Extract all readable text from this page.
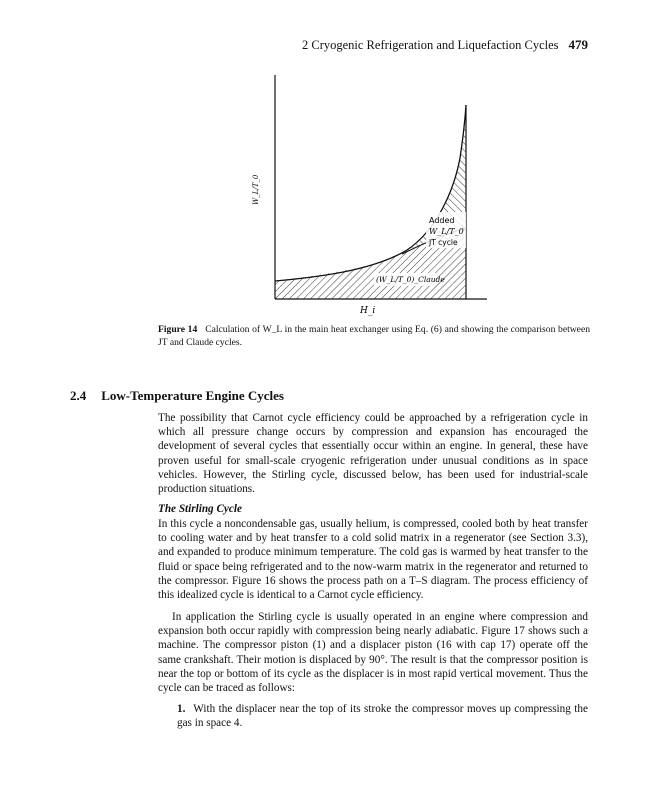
2 Cryogenic Refrigeration and Liquefaction Cycles 479
Added
W_L/T_0
JT cycle
(W_L/T_0)_Claude
W_L/T_0
H_i
Figure 14 Calculation of W_L in the main heat exchanger using Eq. (6) and showing the comparison between JT and Claude cycles.
2.4 Low-Temperature Engine Cycles
The possibility that Carnot cycle efficiency could be approached by a refrigeration cycle in which all pressure change occurs by compression and expansion has encouraged the development of several cycles that essentially occur within an engine. In general, these have proven useful for small-scale cryogenic refrigeration under unusual conditions as in space vehicles. However, the Stirling cycle, discussed below, has been used for industrial-scale production situations.
The Stirling Cycle
In this cycle a noncondensable gas, usually helium, is compressed, cooled both by heat transfer to cooling water and by heat transfer to a cold solid matrix in a regenerator (see Section 3.3), and expanded to produce minimum temperature. The cold gas is warmed by heat transfer to the fluid or space being refrigerated and to the now-warm matrix in the regenerator and returned to the compressor. Figure 16 shows the process path on a T–S diagram. The process efficiency of this idealized cycle is identical to a Carnot cycle efficiency.
In application the Stirling cycle is usually operated in an engine where compression and expansion both occur rapidly with compression being nearly adiabatic. Figure 17 shows such a machine. The compressor piston (1) and a displacer piston (16 with cap 17) operate off the same crankshaft. Their motion is displaced by 90°. The result is that the compressor position is near the top or bottom of its cycle as the displacer is in most rapid vertical movement. Thus the cycle can be traced as follows:
1. With the displacer near the top of its stroke the compressor moves up compressing the gas in space 4.
